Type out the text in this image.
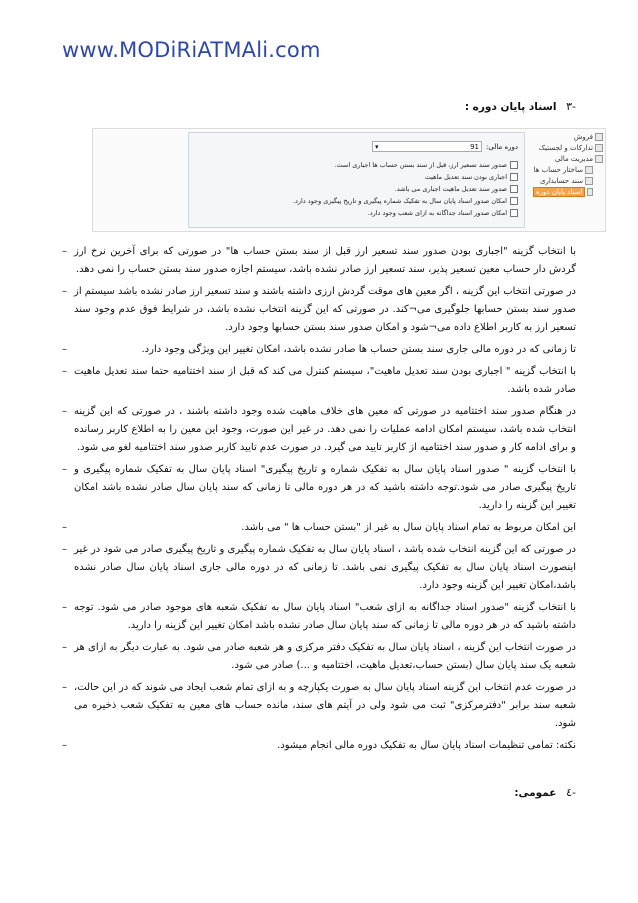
www.MODiRiATMAli.com
-٣ اسناد پایان دوره :
فروش
تدارکات و لجستیک
مدیریت مالی
ساختار حساب ها
سند حسابداری
اسناد پایان دوره
دوره مالی:
91
▾
صدور سند تسعیر ارز، قبل از سند بستن حساب ها اجباری است.
اجباری بودن سند تعدیل ماهیت
صدور سند تعدیل ماهیت اجباری می باشد.
امکان صدور اسناد پایان سال به تفکیک شماره پیگیری و تاریخ پیگیری وجود دارد.
امکان صدور اسناد جداگانه به ازای شعب وجود دارد.
– با انتخاب گزینه "اجباری بودن صدور سند تسعیر ارز قبل از سند بستن حساب ها" در صورتی که برای آخرین نرخ ارز گردش دار حساب معین تسعیر پذیر، سند تسعیر ارز صادر نشده باشد، سیستم اجازه صدور سند بستن حساب را نمی دهد.
– در صورتی انتخاب این گزینه ، اگر معین های موقت گردش ارزی داشته باشند و سند تسعیر ارز صادر نشده باشد سیستم از صدور سند بستن حسابها جلوگیری می¬کند. در صورتی که این گزینه انتخاب نشده باشد، در شرایط فوق عدم وجود سند تسعیر ارز به کاربر اطلاع داده می¬شود و امکان صدور سند بستن حسابها وجود دارد.
–	تا زمانی که در دوره مالی جاری سند بستن حساب ها صادر نشده باشد، امکان تغییر این ویژگی وجود دارد.
– با انتخاب گزینه " اجباری بودن سند تعدیل ماهیت"، سیستم کنترل می کند که قبل از سند اختتامیه حتما سند تعدیل ماهیت صادر شده باشد.
– در هنگام صدور سند اختتامیه در صورتی که معین های خلاف ماهیت شده وجود داشته باشند ، در صورتی که این گزینه انتخاب شده باشد، سیستم امکان ادامه عملیات را نمی دهد. در غیر این صورت، وجود این معین را به اطلاع کاربر رسانده و برای ادامه کار و صدور سند اختتامیه از کاربر تایید می گیرد. در صورت عدم تایید کاربر صدور سند اختتامیه لغو می شود.
– با انتخاب گزینه " صدور اسناد پایان سال به تفکیک شماره و تاریخ پیگیری" اسناد پایان سال به تفکیک شماره پیگیری و تاریخ پیگیری صادر می شود.توجه داشته باشید که در هر دوره مالی تا زمانی که سند پایان سال صادر نشده باشد امکان تغییر این گزینه را دارید.
–	این امکان مربوط به تمام اسناد پایان سال به غیر از "بستن حساب ها " می باشد.
– در صورتی که این گزینه انتخاب شده باشد ، اسناد پایان سال به تفکیک شماره پیگیری و تاریخ پیگیری صادر می شود در غیر اینصورت اسناد پایان سال به تفکیک پیگیری نمی باشد. تا زمانی که در دوره مالی جاری اسناد پایان سال صادر نشده باشد،امکان تغییر این گزینه وجود دارد.
– با انتخاب گزینه "صدور اسناد جداگانه به ازای شعب" اسناد پایان سال به تفکیک شعبه های موجود صادر می شود. توجه داشته باشید که در هر دوره مالی تا زمانی که سند پایان سال صادر نشده باشد امکان تغییر این گزینه را دارید.
– در صورت انتخاب این گزینه ، اسناد پایان سال به تفکیک دفتر مرکزی و هر شعبه صادر می شود. به عبارت دیگر به ازای هر شعبه یک سند پایان سال (بستن حساب،تعدیل ماهیت، اختتامیه و ...) صادر می شود.
– در صورت عدم انتخاب این گزینه اسناد پایان سال به صورت یکپارچه و به ازای تمام شعب ایجاد می شوند که در این حالت، شعبه سند برابر "دفترمرکزی" ثبت می شود ولی در آیتم های سند، مانده حساب های معین به تفکیک شعب ذخیره می شود.
–	نکته: تمامی تنظیمات اسناد پایان سال به تفکیک دوره مالی انجام میشود.
-٤ عمومی:
